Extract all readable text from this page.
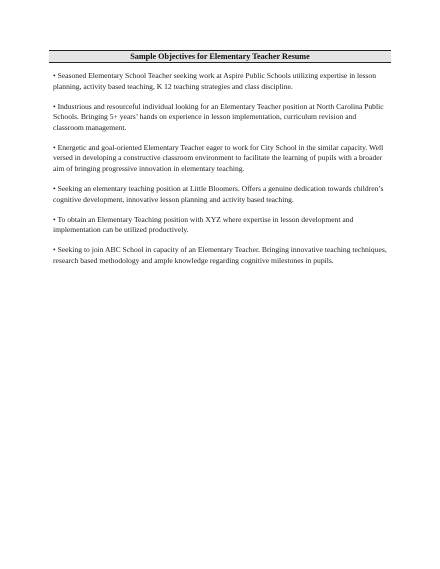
Sample Objectives for Elementary Teacher Resume
• Seasoned Elementary School Teacher seeking work at Aspire Public Schools utilizing expertise in lesson planning, activity based teaching, K 12 teaching strategies and class discipline.
• Industrious and resourceful individual looking for an Elementary Teacher position at North Carolina Public Schools. Bringing 5+ years’ hands on experience in lesson implementation, curriculum revision and classroom management.
• Energetic and goal-oriented Elementary Teacher eager to work for City School in the similar capacity. Well versed in developing a constructive classroom environment to facilitate the learning of pupils with a broader aim of bringing progressive innovation in elementary teaching.
• Seeking an elementary teaching position at Little Bloomers. Offers a genuine dedication towards children’s cognitive development, innovative lesson planning and activity based teaching.
• To obtain an Elementary Teaching position with XYZ where expertise in lesson development and implementation can be utilized productively.
• Seeking to join ABC School in capacity of an Elementary Teacher. Bringing innovative teaching techniques, research based methodology and ample knowledge regarding cognitive milestones in pupils.
